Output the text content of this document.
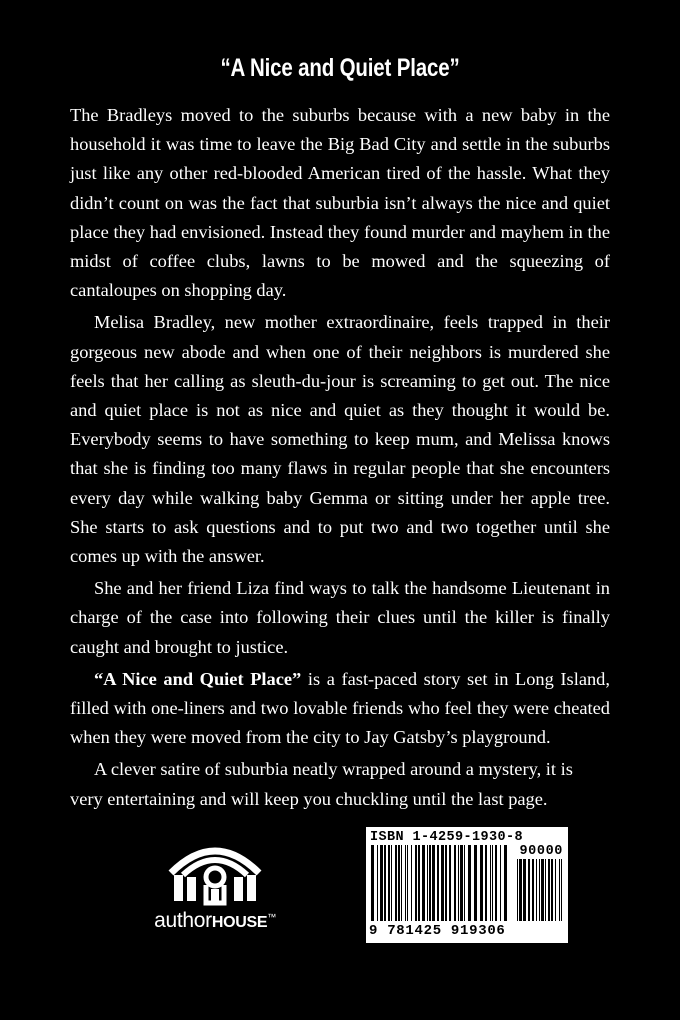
“A Nice and Quiet Place”

The Bradleys moved to the suburbs because with a new baby in the household it was time to leave the Big Bad City and settle in the suburbs just like any other red-blooded American tired of the hassle. What they didn’t count on was the fact that suburbia isn’t always the nice and quiet place they had envisioned. Instead they found murder and mayhem in the midst of coffee clubs, lawns to be mowed and the squeezing of cantaloupes on shopping day.

Melisa Bradley, new mother extraordinaire, feels trapped in their gorgeous new abode and when one of their neighbors is murdered she feels that her calling as sleuth-du-jour is screaming to get out. The nice and quiet place is not as nice and quiet as they thought it would be. Everybody seems to have something to keep mum, and Melissa knows that she is finding too many flaws in regular people that she encounters every day while walking baby Gemma or sitting under her apple tree. She starts to ask questions and to put two and two together until she comes up with the answer.

She and her friend Liza find ways to talk the handsome Lieutenant in charge of the case into following their clues until the killer is finally caught and brought to justice.

“A Nice and Quiet Place” is a fast-paced story set in Long Island, filled with one-liners and two lovable friends who feel they were cheated when they were moved from the city to Jay Gatsby’s playground.

A clever satire of suburbia neatly wrapped around a mystery, it is very entertaining and will keep you chuckling until the last page.

authorHOUSE™
ISBN 1-4259-1930-8
90000
9 781425 919306
